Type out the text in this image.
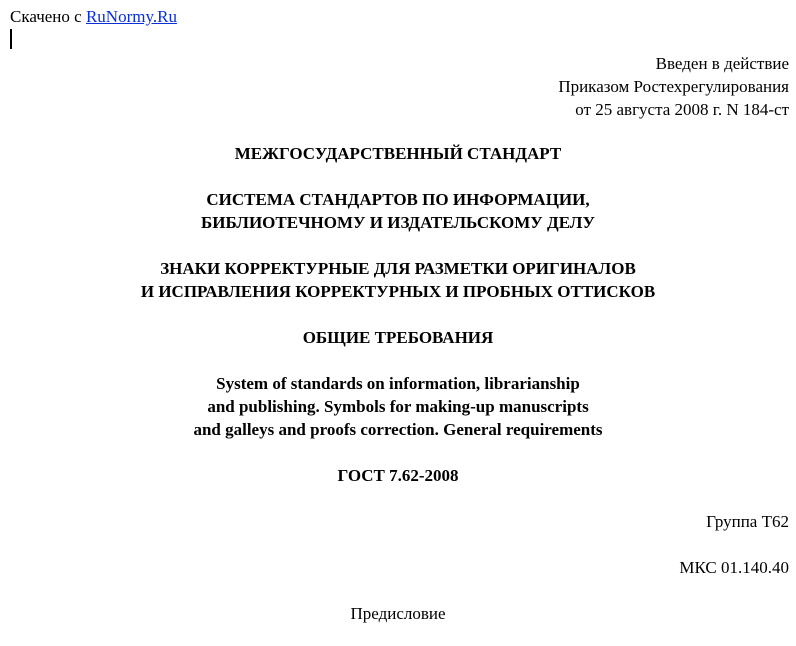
Скачено с RuNormy.Ru
Введен в действие
Приказом Ростехрегулирования
от 25 августа 2008 г. N 184-ст
МЕЖГОСУДАРСТВЕННЫЙ СТАНДАРТ
СИСТЕМА СТАНДАРТОВ ПО ИНФОРМАЦИИ,
БИБЛИОТЕЧНОМУ И ИЗДАТЕЛЬСКОМУ ДЕЛУ
ЗНАКИ КОРРЕКТУРНЫЕ ДЛЯ РАЗМЕТКИ ОРИГИНАЛОВ
И ИСПРАВЛЕНИЯ КОРРЕКТУРНЫХ И ПРОБНЫХ ОТТИСКОВ
ОБЩИЕ ТРЕБОВАНИЯ
System of standards on information, librarianship
and publishing. Symbols for making-up manuscripts
and galleys and proofs correction. General requirements
ГОСТ 7.62-2008
Группа Т62
МКС 01.140.40
Предисловие
